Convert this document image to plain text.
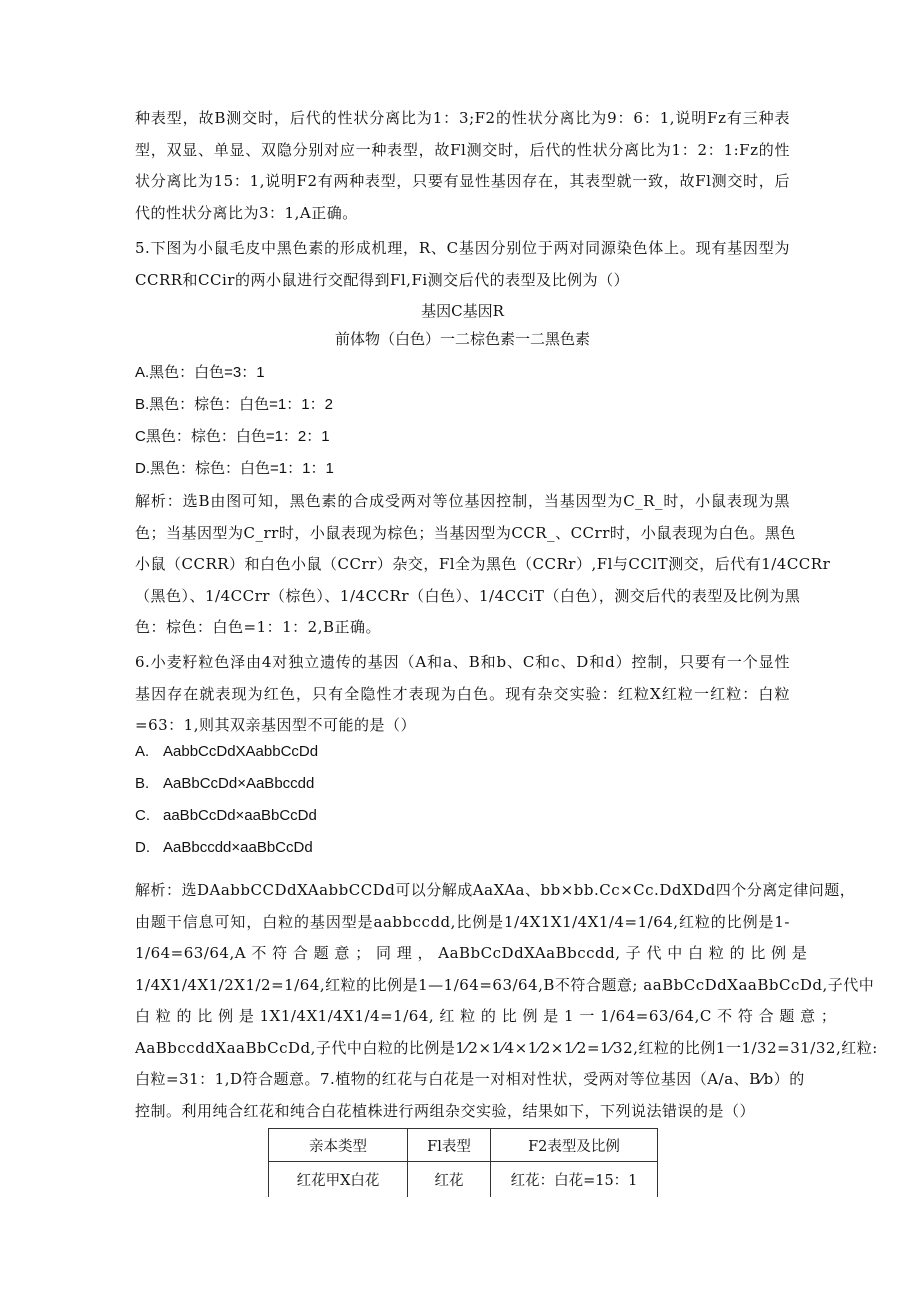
种表型，故B测交时，后代的性状分离比为1：3;F2的性状分离比为9：6：1,说明Fz有三种表
型，双显、单显、双隐分别对应一种表型，故Fl测交时，后代的性状分离比为1：2：1:Fz的性
状分离比为15：1,说明F2有两种表型，只要有显性基因存在，其表型就一致，故Fl测交时，后
代的性状分离比为3：1,A正确。
5.下图为小鼠毛皮中黑色素的形成机理，R、C基因分别位于两对同源染色体上。现有基因型为
CCRR和CCir的两小鼠进行交配得到Fl,Fi测交后代的表型及比例为（）
基因C基因R
前体物（白色）一二棕色素一二黑色素
A.黑色：白色=3：1
B.黑色：棕色：白色=1：1：2
C黑色：棕色：白色=1：2：1
D.黑色：棕色：白色=1：1：1
解析：选B由图可知，黑色素的合成受两对等位基因控制，当基因型为C_R_时，小鼠表现为黑
色；当基因型为C_rr时，小鼠表现为棕色；当基因型为CCR_、CCrr时，小鼠表现为白色。黑色
小鼠（CCRR）和白色小鼠（CCrr）杂交，Fl全为黑色（CCRr）,Fl与CClT测交，后代有1/4CCRr
（黑色）、1/4CCrr（棕色）、1/4CCRr（白色）、1/4CCiT（白色），测交后代的表型及比例为黑
色：棕色：白色=1：1：2,B正确。
6.小麦籽粒色泽由4对独立遗传的基因（A和a、B和b、C和c、D和d）控制，只要有一个显性
基因存在就表现为红色，只有全隐性才表现为白色。现有杂交实验：红粒X红粒一红粒：白粒
=63：1,则其双亲基因型不可能的是（）
A. AabbCcDdXAabbCcDd
B. AaBbCcDd×AaBbccdd
C. aaBbCcDd×aaBbCcDd
D. AaBbccdd×aaBbCcDd
解析：选DAabbCCDdXAabbCCDd可以分解成AaXAa、bb×bb.Cc×Cc.DdXDd四个分离定律问题，
由题干信息可知，白粒的基因型是aabbccdd,比例是1/4X1X1/4X1/4=1/64,红粒的比例是1-
1/64=63/64,A 不 符 合 题 意 ； 同 理 ， AaBbCcDdXAaBbccdd, 子 代 中 白 粒 的 比 例 是
1/4X1/4X1/2X1/2=1/64,红粒的比例是1—1/64=63/64,B不符合题意; aaBbCcDdXaaBbCcDd,子代中
白 粒 的 比 例 是 1X1/4X1/4X1/4=1/64, 红 粒 的 比 例 是 1 一 1/64=63/64,C 不 符 合 题 意 ；
AaBbccddXaaBbCcDd,子代中白粒的比例是1⁄2×1⁄4×1⁄2×1⁄2=1⁄32,红粒的比例1一1/32=31/32,红粒:
白粒=31：1,D符合题意。7.植物的红花与白花是一对相对性状，受两对等位基因（A/a、B⁄b）的
控制。利用纯合红花和纯合白花植株进行两组杂交实验，结果如下，下列说法错误的是（）
亲本类型	Fl表型	F2表型及比例
红花甲X白花	红花	红花：白花=15：1
